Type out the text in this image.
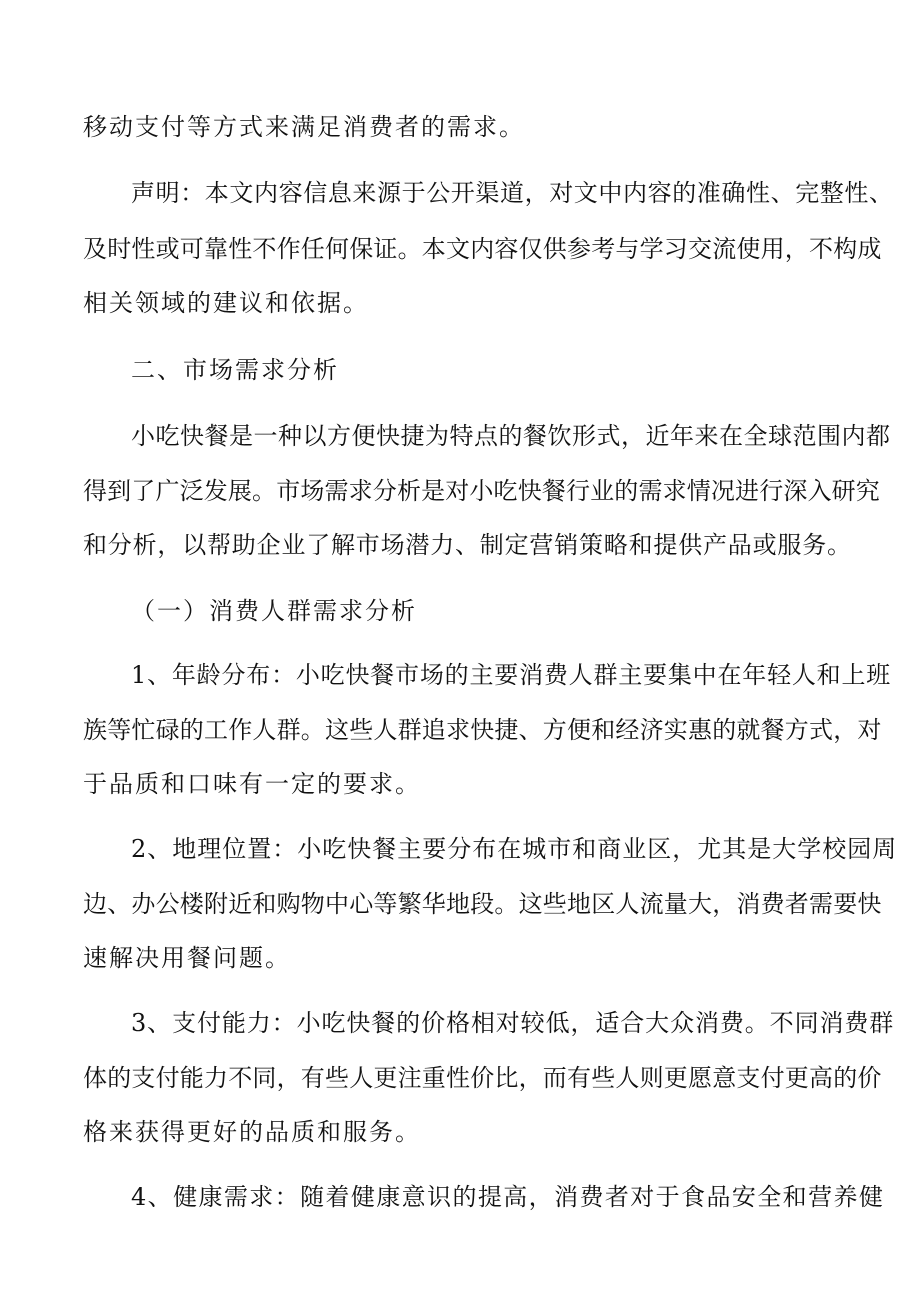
移动支付等方式来满足消费者的需求。

声明：本文内容信息来源于公开渠道，对文中内容的准确性、完整性、

及时性或可靠性不作任何保证。本文内容仅供参考与学习交流使用，不构成

相关领域的建议和依据。

二、市场需求分析

小吃快餐是一种以方便快捷为特点的餐饮形式，近年来在全球范围内都

得到了广泛发展。市场需求分析是对小吃快餐行业的需求情况进行深入研究

和分析，以帮助企业了解市场潜力、制定营销策略和提供产品或服务。

（一）消费人群需求分析

1、年龄分布：小吃快餐市场的主要消费人群主要集中在年轻人和上班

族等忙碌的工作人群。这些人群追求快捷、方便和经济实惠的就餐方式，对

于品质和口味有一定的要求。

2、地理位置：小吃快餐主要分布在城市和商业区，尤其是大学校园周

边、办公楼附近和购物中心等繁华地段。这些地区人流量大，消费者需要快

速解决用餐问题。

3、支付能力：小吃快餐的价格相对较低，适合大众消费。不同消费群

体的支付能力不同，有些人更注重性价比，而有些人则更愿意支付更高的价

格来获得更好的品质和服务。

4、健康需求：随着健康意识的提高，消费者对于食品安全和营养健
